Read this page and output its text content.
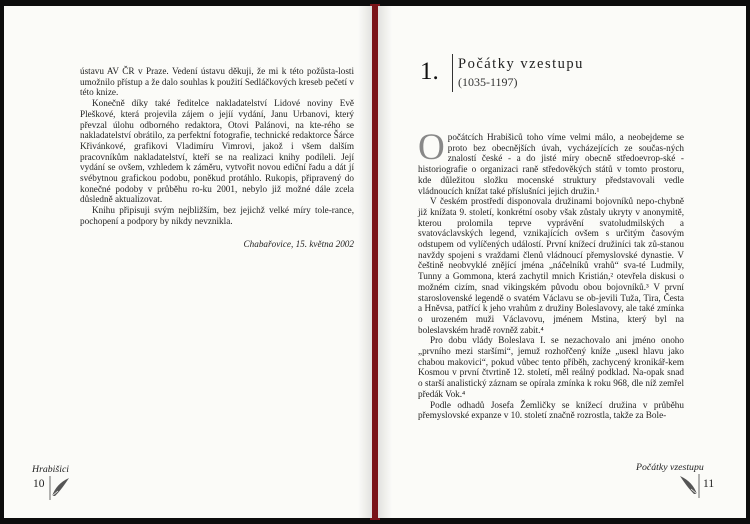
ústavu AV ČR v Praze. Vedení ústavu děkuji, že mi k této požůsta-losti umožnilo přístup a že dalo souhlas k použití Sedláčkových kreseb pečetí v této knize.

Konečně díky také ředitelce nakladatelství Lidové noviny Evě Pleškové, která projevila zájem o jejíí vydání, Janu Urbanovi, který převzal úlohu odborného redaktora, Otovi Palánovi, na kte-rého se nakladatelství obrátilo, za perfektní fotografie, technické redaktorce Šárce Křivánkové, grafikovi Vladimíru Vimrovi, jakož i všem dalším pracovníkům nakladatelství, kteří se na realizaci knihy podíleli. Její vydání se ovšem, vzhledem k záměru, vytvořit novou ediční řadu a dát jí svébytnou grafickou podobu, poněkud protáhlo. Rukopis, připravený do konečné podoby v průběhu ro-ku 2001, nebylo již možné dále zcela důsledně aktualizovat.

Knihu připisuji svým nejbližším, bez jejichž velké míry tole-rance, pochopení a podpory by nikdy nevznikla.

Chabařovice, 15. května 2002

Hrabišici
10
1. Počátky vzestupu
(1035-1197)

Opočátcích Hrabišiců toho víme velmi málo, a neobejdeme se proto bez obecnějších úvah, vycházejících ze součas-ných znalostí české - a do jisté míry obecně středoevrop-ské - historiografie o organizaci raně středověkých států v tomto prostoru, kde důležitou složku mocenské struktury představovali vedle vládnoucích knížat také příslušníci jejich družin.¹

V českém prostředí disponovala družinami bojovníků nepo-chybně již knížata 9. století, konkrétní osoby však zůstaly ukryty v anonymitě, kterou prolomila teprve vyprávění svatoludmilských a svatováclavských legend, vznikajících ovšem s určitým časovým odstupem od vylíčených událostí. První knížecí družiníci tak zů-stanou navždy spojeni s vraždami členů vládnoucí přemyslovské dynastie. V češtině neobvyklé znějící jména „náčelníků vrahů“ sva-té Ludmily, Tunny a Gommona, která zachytil mnich Kristián,² otevřela diskusi o možném cizím, snad vikingském původu obou bojovníků.³ V první staroslovenské legendě o svatém Václavu se ob-jevili Tuža, Tira, Česta a Hněvsa, patřící k jeho vrahům z družiny Boleslavovy, ale také zmínka o urozeném muži Václavovu, jménem Mstina, který byl na boleslavském hradě rovněž zabit.⁴

Pro dobu vlády Boleslava I. se nezachovalo ani jméno onoho „prvního mezi staršími“, jemuž rozhořčený kníže „useкl hlavu jako chabou makovici“, pokud vůbec tento příběh, zachycený kronikář-kem Kosmou v první čtvrtině 12. století, měl reálný podklad. Na-opak snad o starší analistický záznam se opírala zmínka k roku 968, dle níž zemřel předák Vok.⁴

Podle odhadů Josefa Žemličky se knížecí družina v průběhu přemyslovské expanze v 10. století značně rozrostla, takže za Bole-

Počátky vzestupu
11
